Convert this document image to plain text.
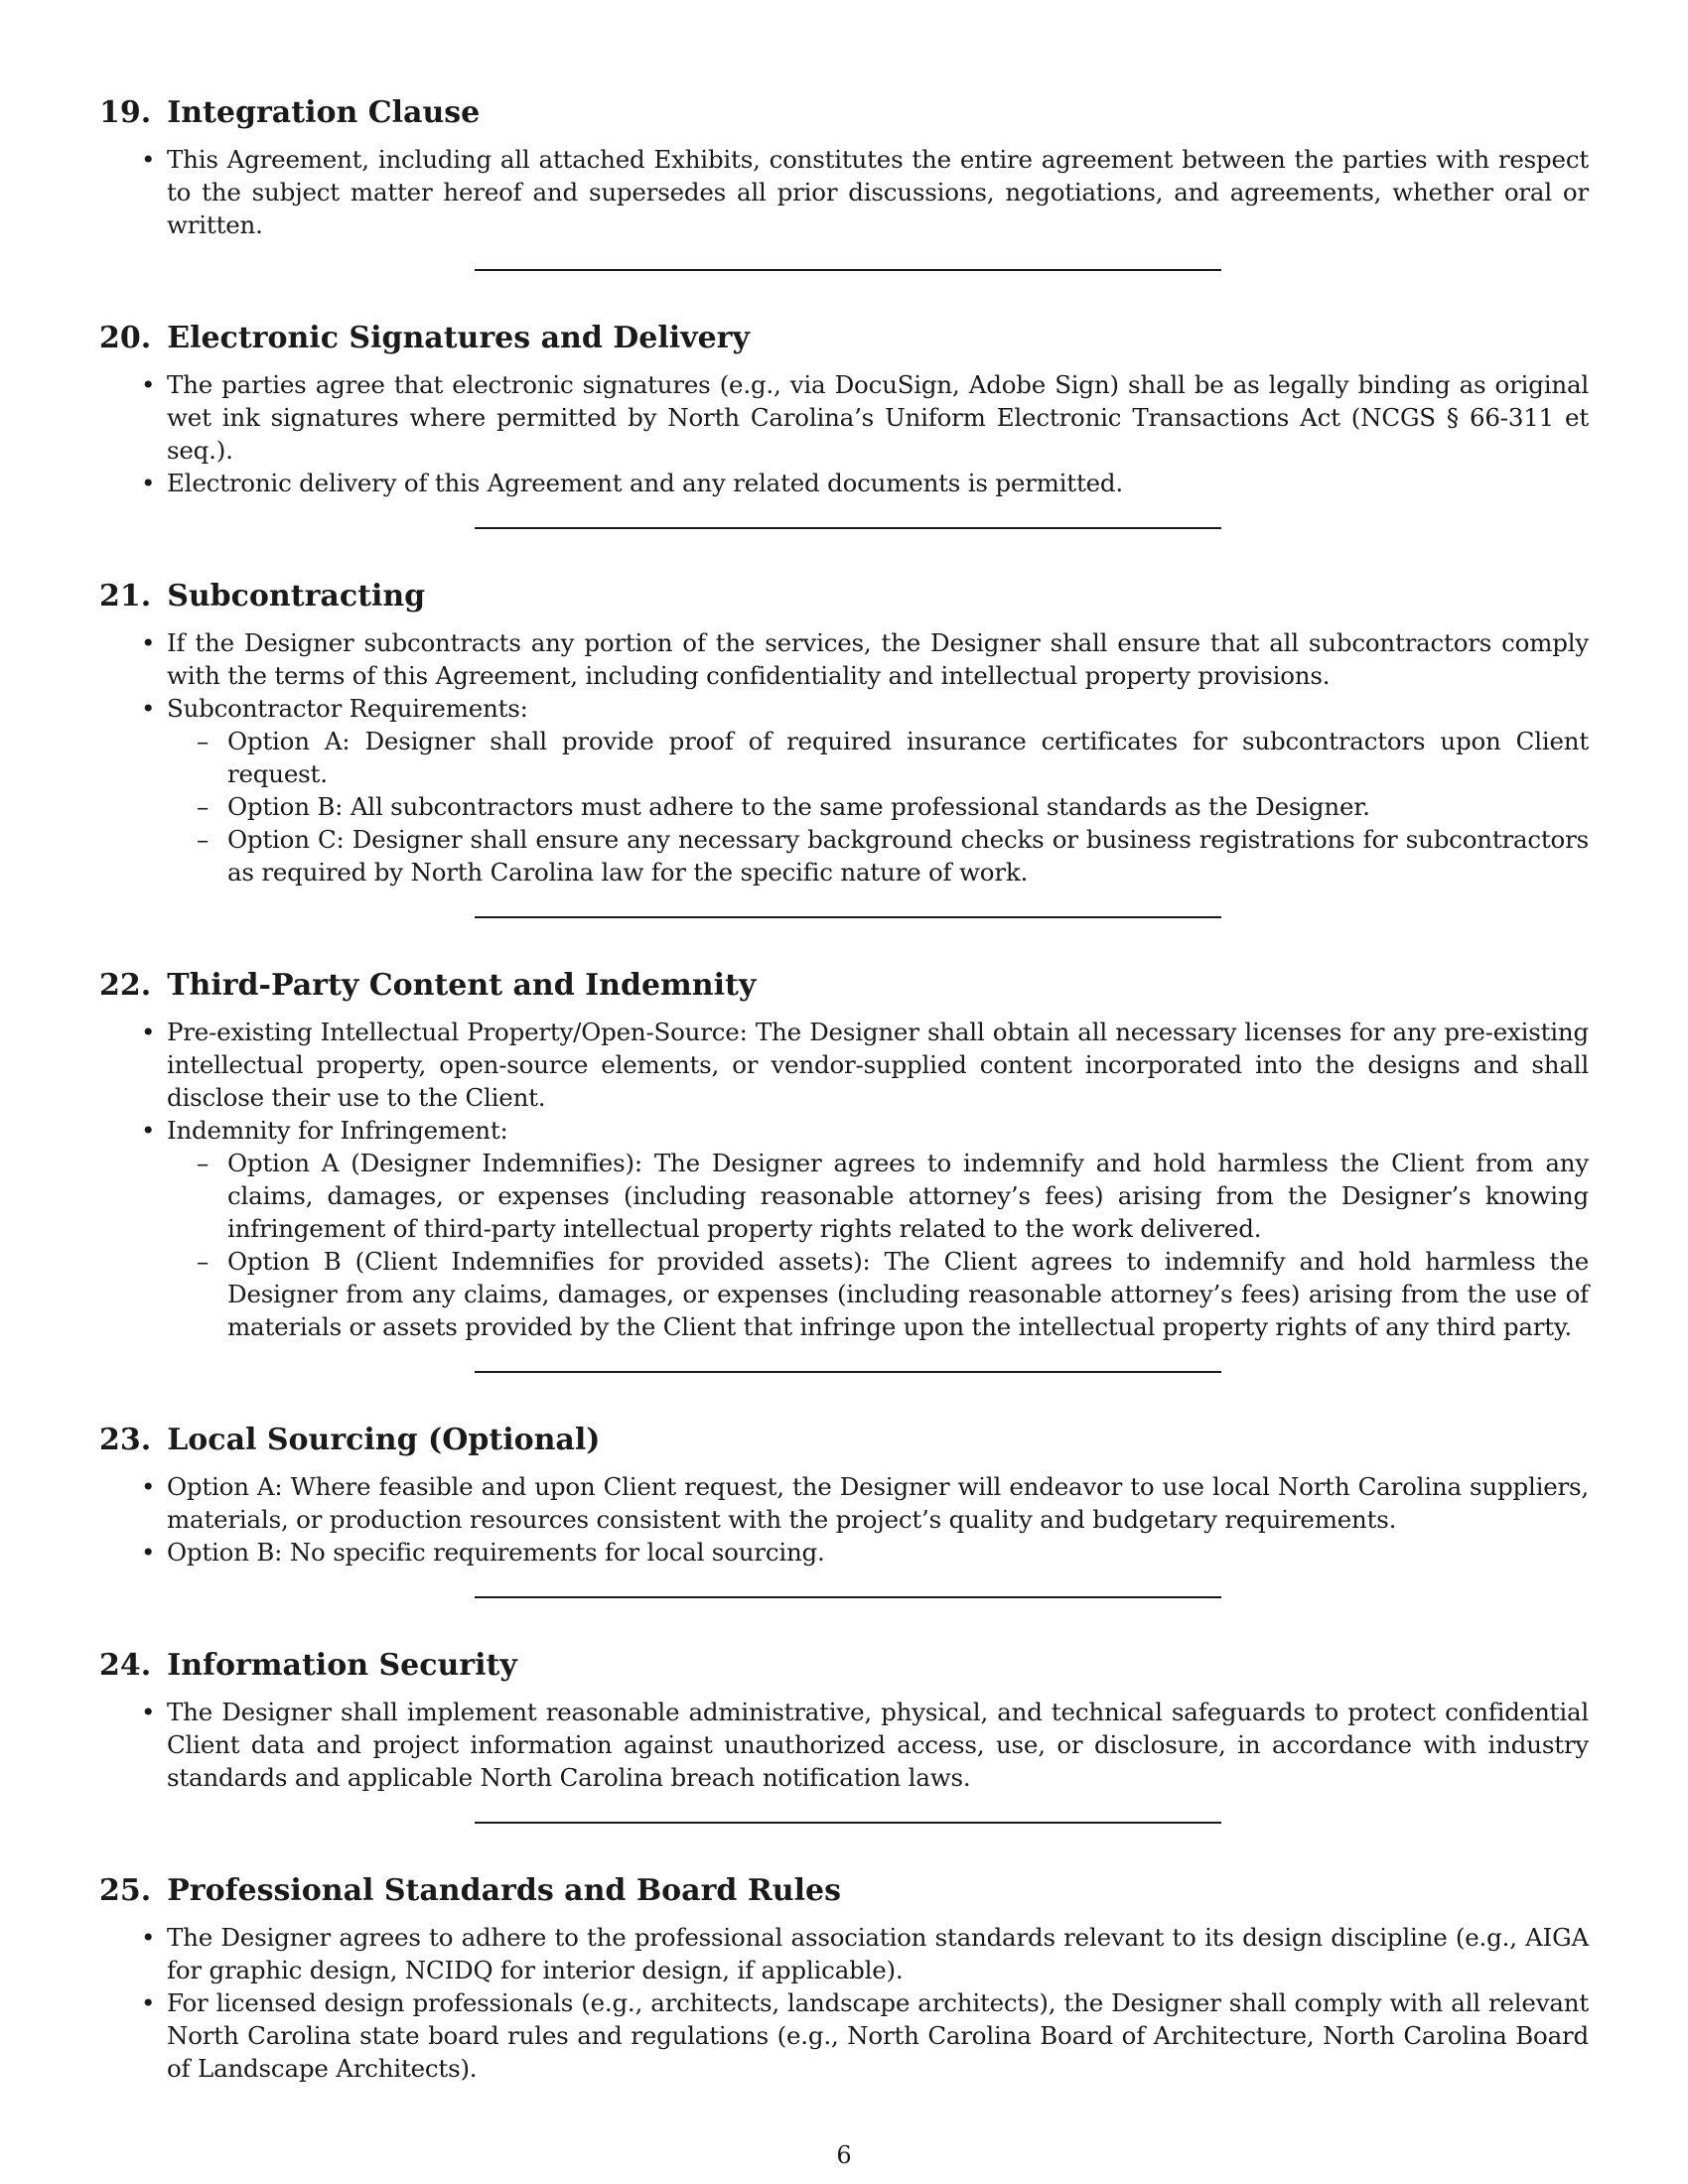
19. Integration Clause
• This Agreement, including all attached Exhibits, constitutes the entire agreement between the parties with respect to the subject matter hereof and supersedes all prior discussions, negotiations, and agreements, whether oral or written.
20. Electronic Signatures and Delivery
• The parties agree that electronic signatures (e.g., via DocuSign, Adobe Sign) shall be as legally binding as original wet ink signatures where permitted by North Carolina’s Uniform Electronic Transactions Act (NCGS § 66-311 et seq.).
• Electronic delivery of this Agreement and any related documents is permitted.
21. Subcontracting
• If the Designer subcontracts any portion of the services, the Designer shall ensure that all subcontractors comply with the terms of this Agreement, including confidentiality and intellectual property provisions.
• Subcontractor Requirements:
– Option A: Designer shall provide proof of required insurance certificates for subcontractors upon Client request.
– Option B: All subcontractors must adhere to the same professional standards as the Designer.
– Option C: Designer shall ensure any necessary background checks or business registrations for subcontractors as required by North Carolina law for the specific nature of work.
22. Third-Party Content and Indemnity
• Pre-existing Intellectual Property/Open-Source: The Designer shall obtain all necessary licenses for any pre-existing intellectual property, open-source elements, or vendor-supplied content incorporated into the designs and shall disclose their use to the Client.
• Indemnity for Infringement:
– Option A (Designer Indemnifies): The Designer agrees to indemnify and hold harmless the Client from any claims, damages, or expenses (including reasonable attorney’s fees) arising from the Designer’s knowing infringement of third-party intellectual property rights related to the work delivered.
– Option B (Client Indemnifies for provided assets): The Client agrees to indemnify and hold harmless the Designer from any claims, damages, or expenses (including reasonable attorney’s fees) arising from the use of materials or assets provided by the Client that infringe upon the intellectual property rights of any third party.
23. Local Sourcing (Optional)
• Option A: Where feasible and upon Client request, the Designer will endeavor to use local North Carolina suppliers, materials, or production resources consistent with the project’s quality and budgetary requirements.
• Option B: No specific requirements for local sourcing.
24. Information Security
• The Designer shall implement reasonable administrative, physical, and technical safeguards to protect confidential Client data and project information against unauthorized access, use, or disclosure, in accordance with industry standards and applicable North Carolina breach notification laws.
25. Professional Standards and Board Rules
• The Designer agrees to adhere to the professional association standards relevant to its design discipline (e.g., AIGA for graphic design, NCIDQ for interior design, if applicable).
• For licensed design professionals (e.g., architects, landscape architects), the Designer shall comply with all relevant North Carolina state board rules and regulations (e.g., North Carolina Board of Architecture, North Carolina Board of Landscape Architects).
6
